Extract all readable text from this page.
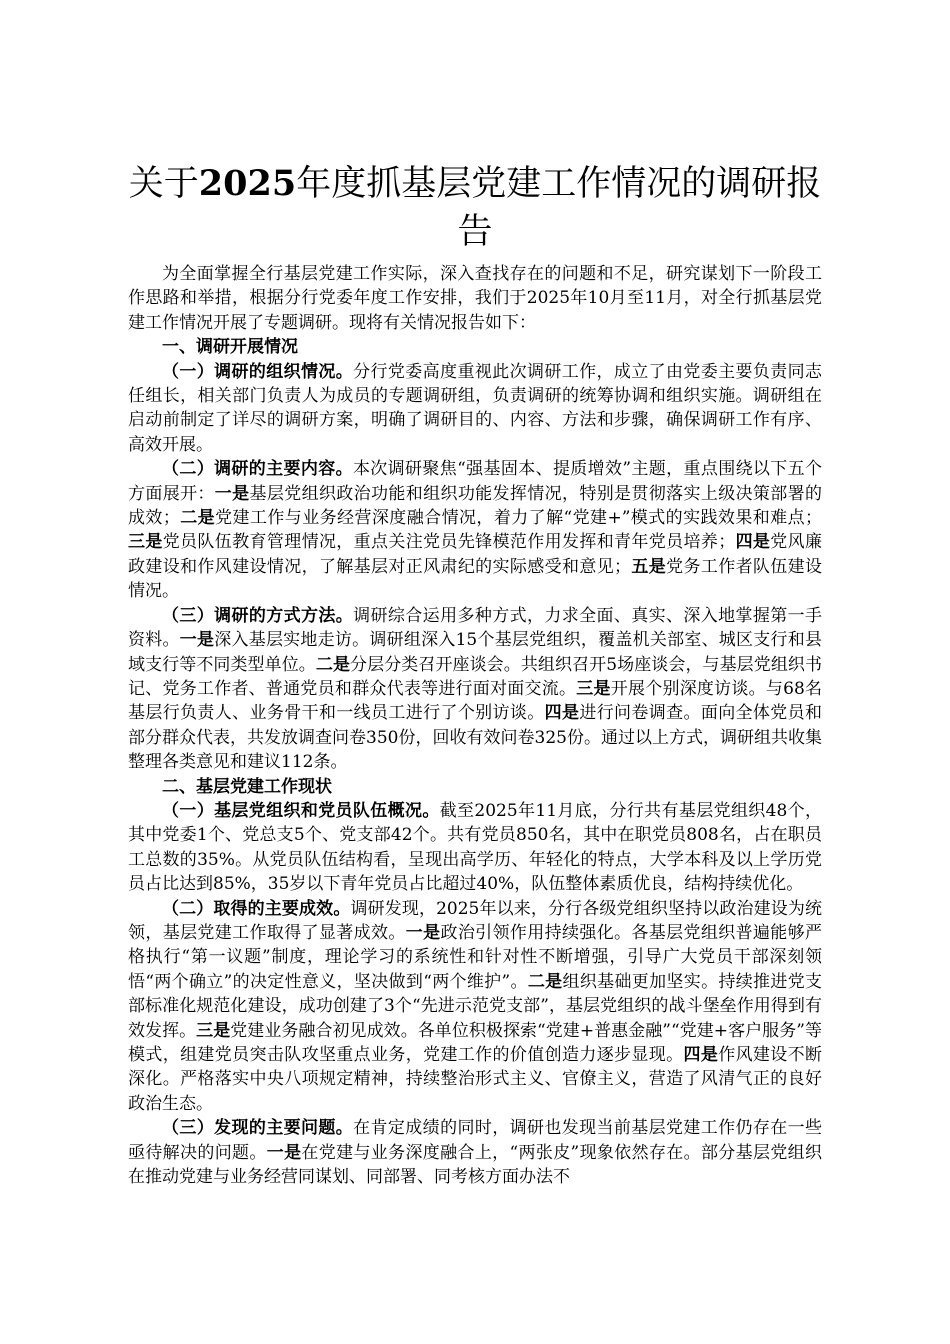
关于2025年度抓基层党建工作情况的调研报告

为全面掌握全行基层党建工作实际，深入查找存在的问题和不足，研究谋划下一阶段工作思路和举措，根据分行党委年度工作安排，我们于2025年10月至11月，对全行抓基层党建工作情况开展了专题调研。现将有关情况报告如下：

一、调研开展情况

（一）调研的组织情况。分行党委高度重视此次调研工作，成立了由党委主要负责同志任组长，相关部门负责人为成员的专题调研组，负责调研的统筹协调和组织实施。调研组在启动前制定了详尽的调研方案，明确了调研目的、内容、方法和步骤，确保调研工作有序、高效开展。

（二）调研的主要内容。本次调研聚焦“强基固本、提质增效”主题，重点围绕以下五个方面展开：一是基层党组织政治功能和组织功能发挥情况，特别是贯彻落实上级决策部署的成效；二是党建工作与业务经营深度融合情况，着力了解“党建+”模式的实践效果和难点；三是党员队伍教育管理情况，重点关注党员先锋模范作用发挥和青年党员培养；四是党风廉政建设和作风建设情况，了解基层对正风肃纪的实际感受和意见；五是党务工作者队伍建设情况。

（三）调研的方式方法。调研综合运用多种方式，力求全面、真实、深入地掌握第一手资料。一是深入基层实地走访。调研组深入15个基层党组织，覆盖机关部室、城区支行和县域支行等不同类型单位。二是分层分类召开座谈会。共组织召开5场座谈会，与基层党组织书记、党务工作者、普通党员和群众代表等进行面对面交流。三是开展个别深度访谈。与68名基层行负责人、业务骨干和一线员工进行了个别访谈。四是进行问卷调查。面向全体党员和部分群众代表，共发放调查问卷350份，回收有效问卷325份。通过以上方式，调研组共收集整理各类意见和建议112条。

二、基层党建工作现状

（一）基层党组织和党员队伍概况。截至2025年11月底，分行共有基层党组织48个，其中党委1个、党总支5个、党支部42个。共有党员850名，其中在职党员808名，占在职员工总数的35%。从党员队伍结构看，呈现出高学历、年轻化的特点，大学本科及以上学历党员占比达到85%，35岁以下青年党员占比超过40%，队伍整体素质优良，结构持续优化。

（二）取得的主要成效。调研发现，2025年以来，分行各级党组织坚持以政治建设为统领，基层党建工作取得了显著成效。一是政治引领作用持续强化。各基层党组织普遍能够严格执行“第一议题”制度，理论学习的系统性和针对性不断增强，引导广大党员干部深刻领悟“两个确立”的决定性意义，坚决做到“两个维护”。二是组织基础更加坚实。持续推进党支部标准化规范化建设，成功创建了3个“先进示范党支部”，基层党组织的战斗堡垒作用得到有效发挥。三是党建业务融合初见成效。各单位积极探索“党建+普惠金融”“党建+客户服务”等模式，组建党员突击队攻坚重点业务，党建工作的价值创造力逐步显现。四是作风建设不断深化。严格落实中央八项规定精神，持续整治形式主义、官僚主义，营造了风清气正的良好政治生态。

（三）发现的主要问题。在肯定成绩的同时，调研也发现当前基层党建工作仍存在一些亟待解决的问题。一是在党建与业务深度融合上，“两张皮”现象依然存在。部分基层党组织在推动党建与业务经营同谋划、同部署、同考核方面办法不
